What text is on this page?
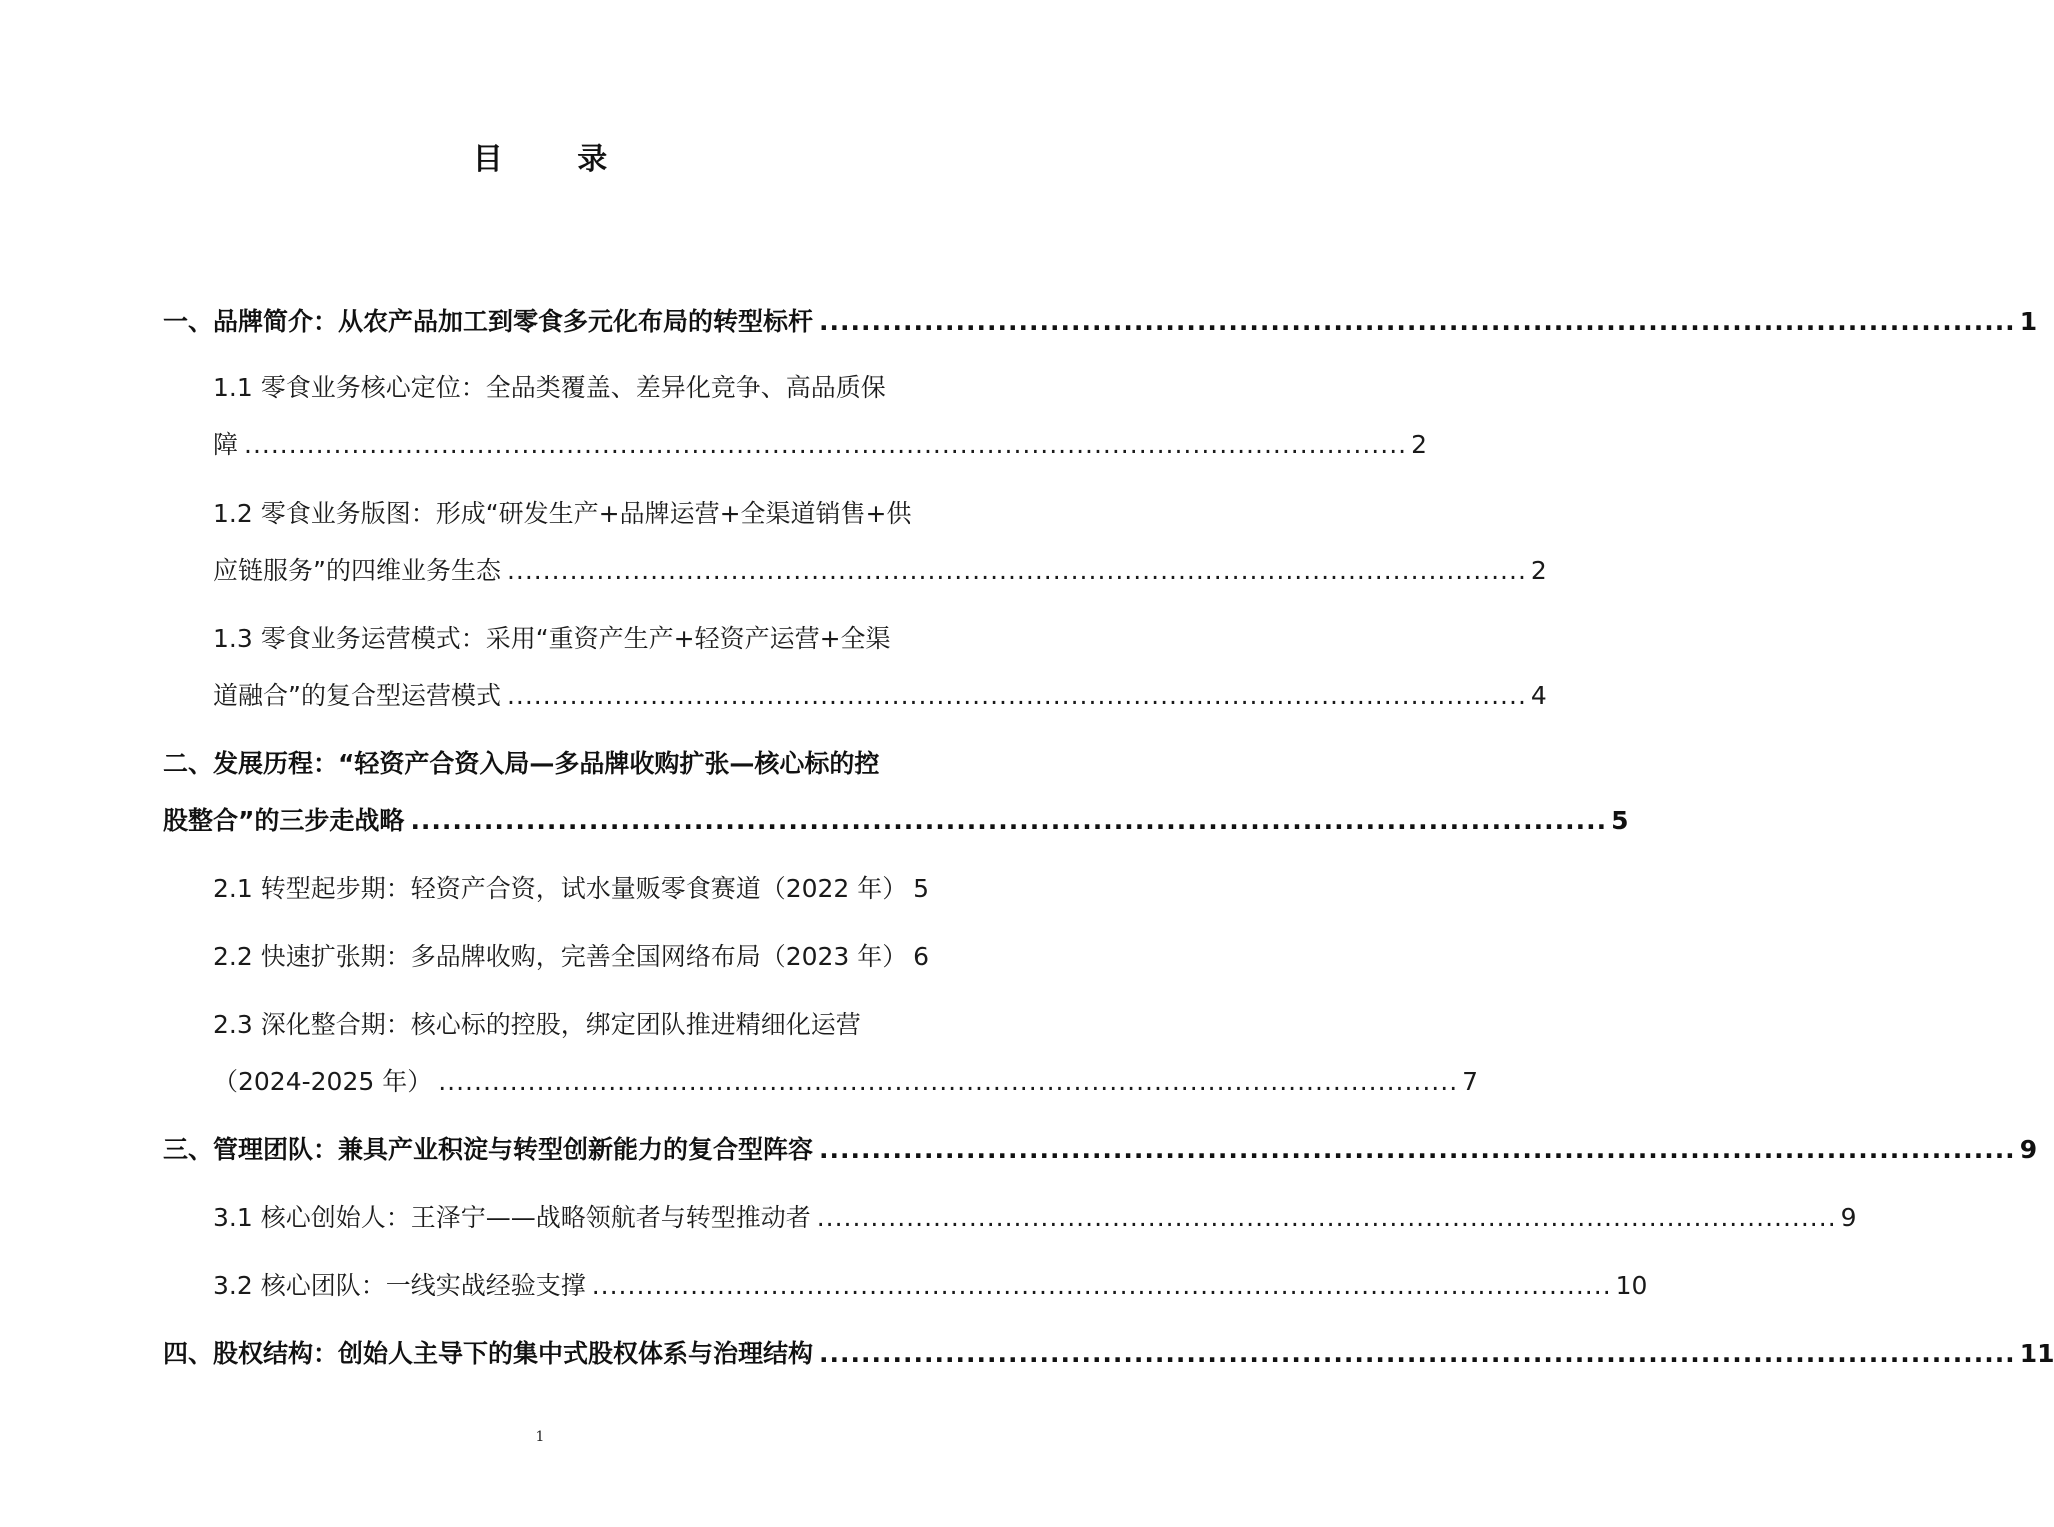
目 录
一、品牌简介：从农产品加工到零食多元化布局的转型标杆 .................................................................................................................. 1
1.1 零食业务核心定位：全品类覆盖、差异化竞争、高品质保
障 .................................................................................................................................. 2
1.2 零食业务版图：形成“研发生产+品牌运营+全渠道销售+供
应链服务”的四维业务生态 .................................................................................................................. 2
1.3 零食业务运营模式：采用“重资产生产+轻资产运营+全渠
道融合”的复合型运营模式 .................................................................................................................. 4
二、发展历程：“轻资产合资入局—多品牌收购扩张—核心标的控
股整合”的三步走战略 .................................................................................................................. 5
2.1 转型起步期：轻资产合资，试水量贩零食赛道（2022 年） 5
2.2 快速扩张期：多品牌收购，完善全国网络布局（2023 年） 6
2.3 深化整合期：核心标的控股，绑定团队推进精细化运营
（2024-2025 年） .................................................................................................................. 7
三、管理团队：兼具产业积淀与转型创新能力的复合型阵容 .................................................................................................................. 9
3.1 核心创始人：王泽宁——战略领航者与转型推动者 .................................................................................................................. 9
3.2 核心团队：一线实战经验支撑 .................................................................................................................. 10
四、股权结构：创始人主导下的集中式股权体系与治理结构 .................................................................................................................. 11
1
